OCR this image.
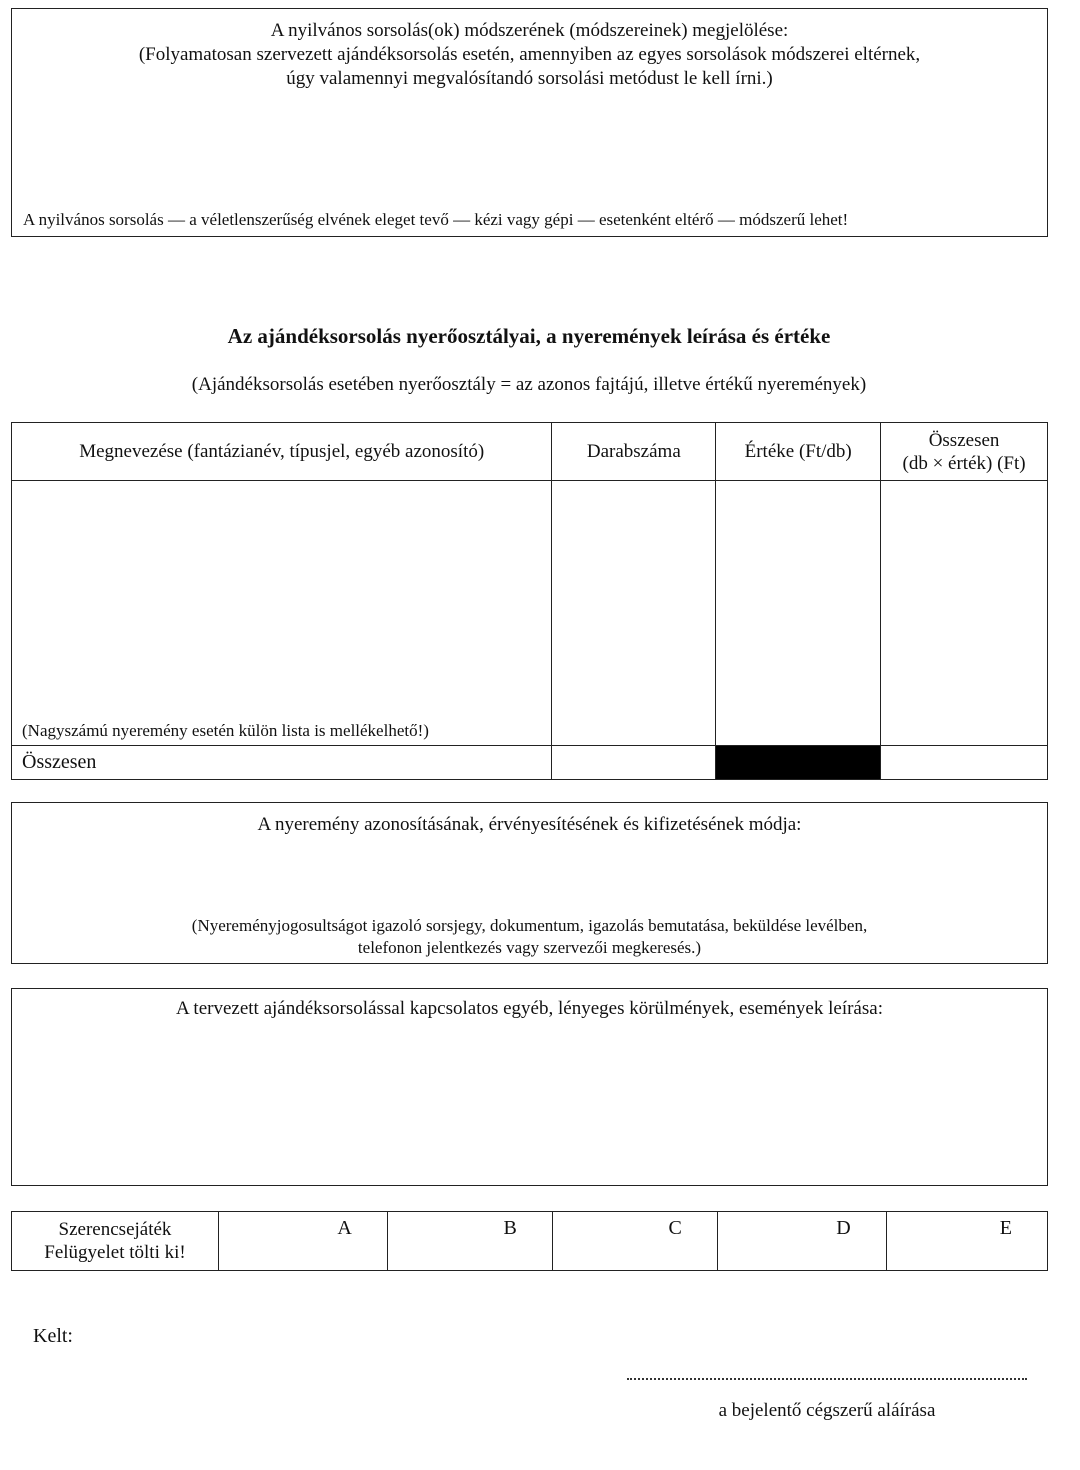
A nyilvános sorsolás(ok) módszerének (módszereinek) megjelölése:
(Folyamatosan szervezett ajándéksorsolás esetén, amennyiben az egyes sorsolások módszerei eltérnek,
úgy valamennyi megvalósítandó sorsolási metódust le kell írni.)
A nyilvános sorsolás — a véletlenszerűség elvének eleget tevő — kézi vagy gépi — esetenként eltérő — módszerű lehet!
Az ajándéksorsolás nyerőosztályai, a nyeremények leírása és értéke
(Ajándéksorsolás esetében nyerőosztály = az azonos fajtájú, illetve értékű nyeremények)
Megnevezése (fantázianév, típusjel, egyéb azonosító)	Darabszáma	Értéke (Ft/db)	Összesen
(db × érték) (Ft)

(Nagyszámú nyeremény esetén külön lista is mellékelhető!)			
Összesen			
A nyeremény azonosításának, érvényesítésének és kifizetésének módja:
(Nyereményjogosultságot igazoló sorsjegy, dokumentum, igazolás bemutatása, beküldése levélben,
telefonon jelentkezés vagy szervezői megkeresés.)
A tervezett ajándéksorsolással kapcsolatos egyéb, lényeges körülmények, események leírása:
Szerencsejáték
Felügyelet tölti ki!
	A	B	C	D	E
Kelt:
a bejelentő cégszerű aláírása
